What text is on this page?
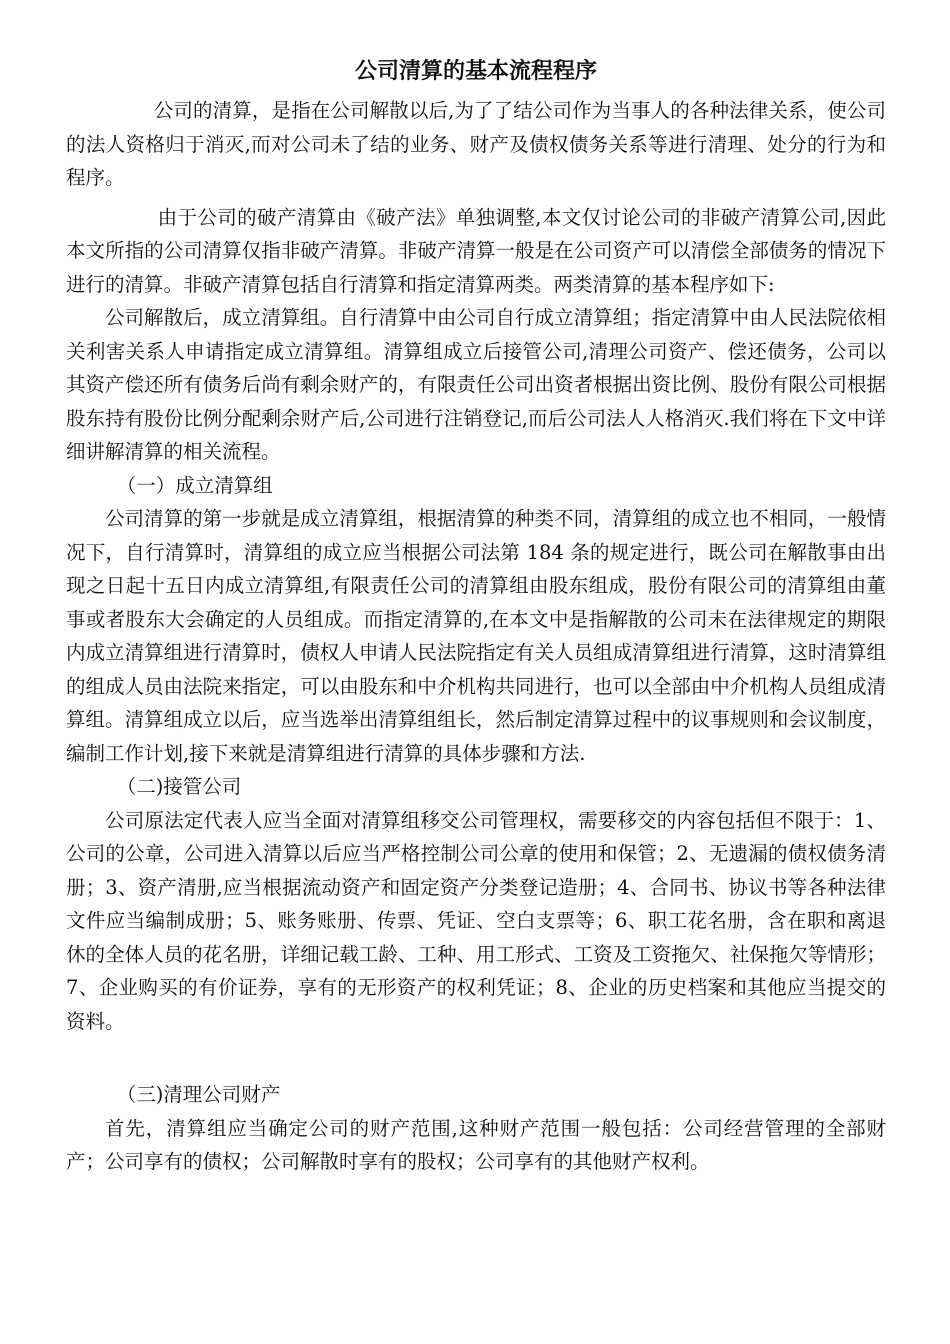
公司清算的基本流程程序

公司的清算，是指在公司解散以后,为了了结公司作为当事人的各种法律关系，使公司的法人资格归于消灭,而对公司未了结的业务、财产及债权债务关系等进行清理、处分的行为和程序。

由于公司的破产清算由《破产法》单独调整,本文仅讨论公司的非破产清算公司,因此本文所指的公司清算仅指非破产清算。非破产清算一般是在公司资产可以清偿全部债务的情况下进行的清算。非破产清算包括自行清算和指定清算两类。两类清算的基本程序如下:

公司解散后，成立清算组。自行清算中由公司自行成立清算组；指定清算中由人民法院依相关利害关系人申请指定成立清算组。清算组成立后接管公司,清理公司资产、偿还债务，公司以其资产偿还所有债务后尚有剩余财产的，有限责任公司出资者根据出资比例、股份有限公司根据股东持有股份比例分配剩余财产后,公司进行注销登记,而后公司法人人格消灭.我们将在下文中详细讲解清算的相关流程。

（一）成立清算组

公司清算的第一步就是成立清算组，根据清算的种类不同，清算组的成立也不相同，一般情况下，自行清算时，清算组的成立应当根据公司法第 184 条的规定进行，既公司在解散事由出现之日起十五日内成立清算组,有限责任公司的清算组由股东组成，股份有限公司的清算组由董事或者股东大会确定的人员组成。而指定清算的,在本文中是指解散的公司未在法律规定的期限内成立清算组进行清算时，债权人申请人民法院指定有关人员组成清算组进行清算，这时清算组的组成人员由法院来指定，可以由股东和中介机构共同进行，也可以全部由中介机构人员组成清算组。清算组成立以后，应当选举出清算组组长，然后制定清算过程中的议事规则和会议制度，编制工作计划,接下来就是清算组进行清算的具体步骤和方法.

（二)接管公司

公司原法定代表人应当全面对清算组移交公司管理权，需要移交的内容包括但不限于：1、公司的公章，公司进入清算以后应当严格控制公司公章的使用和保管；2、无遗漏的债权债务清册；3、资产清册,应当根据流动资产和固定资产分类登记造册；4、合同书、协议书等各种法律文件应当编制成册；5、账务账册、传票、凭证、空白支票等；6、职工花名册，含在职和离退休的全体人员的花名册，详细记载工龄、工种、用工形式、工资及工资拖欠、社保拖欠等情形；7、企业购买的有价证券，享有的无形资产的权利凭证；8、企业的历史档案和其他应当提交的资料。

（三)清理公司财产

首先，清算组应当确定公司的财产范围,这种财产范围一般包括：公司经营管理的全部财产；公司享有的债权；公司解散时享有的股权；公司享有的其他财产权利。
